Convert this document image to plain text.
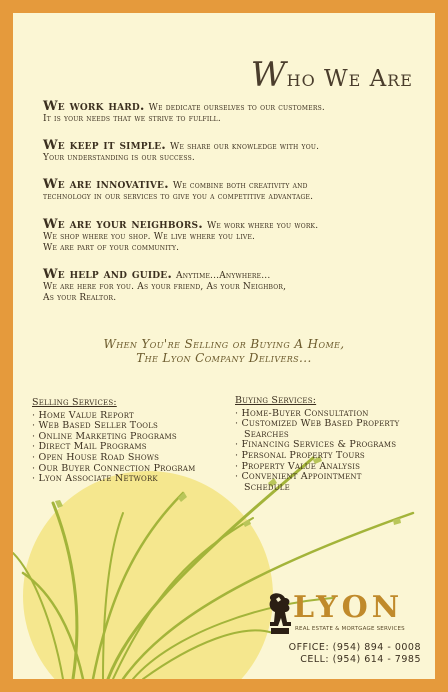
Who We Are
We work hard. We dedicate ourselves to our customers.
It is your needs that we strive to fulfill.
We keep it simple. We share our knowledge with you.
Your understanding is our success.
We are innovative. We combine both creativity and
technology in our services to give you a competitive advantage.
We are your neighbors. We work where you work.
We shop where you shop. We live where you live.
We are part of your community.
We help and guide. Anytime...Anywhere...
We are here for you. As your friend, As your Neighbor,
As your Realtor.
When You're Selling or Buying A Home,
The Lyon Company Delivers...
Selling Services:
· Home Value Report
· Web Based Seller Tools
· Online Marketing Programs
· Direct Mail Programs
· Open House Road Shows
· Our Buyer Connection Program
· Lyon Associate Network
Buying Services:
· Home-Buyer Consultation
· Customized Web Based Property
Searches
· Financing Services & Programs
· Personal Property Tours
· Property Value Analysis
· Convenient Appointment
Schedule
LYON
REAL ESTATE & MORTGAGE SERVICES
OFFICE: (954) 894 - 0008
CELL: (954) 614 - 7985
